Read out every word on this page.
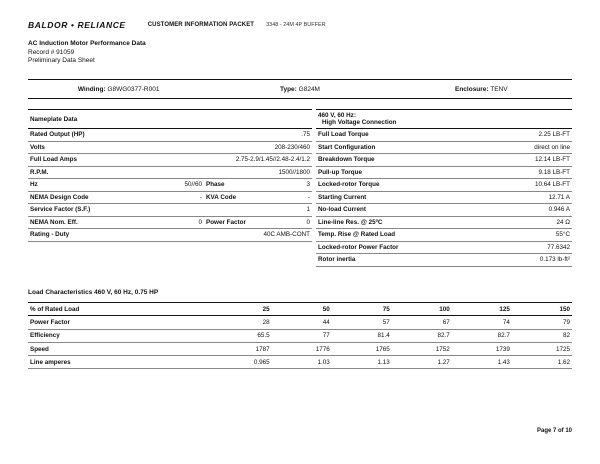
BALDOR • RELIANCE	CUSTOMER INFORMATION PACKET 3348 - 24M 4P BUFFER
AC Induction Motor Performance Data
Record # 91059
Preliminary Data Sheet
Winding: G8WG0377-R001	Type: G824M	Enclosure: TENV
Nameplate Data
Rated Output (HP)	.75
Volts	208-230/460
Full Load Amps	2.75-2.9/1.45//2.48-2.4/1.2
R.P.M.	1500//1800
Hz	50//60 Phase	3
NEMA Design Code	- KVA Code	-
Service Factor (S.F.)	1
NEMA Nom. Eff.	0 Power Factor	0
Rating - Duty	40C AMB-CONT
460 V, 60 Hz:
High Voltage Connection
Full Load Torque	2.25 LB-FT
Start Configuration	direct on line
Breakdown Torque	12.14 LB-FT
Pull-up Torque	9.18 LB-FT
Locked-rotor Torque	10.64 LB-FT
Starting Current	12.71 A
No-load Current	0.946 A
Line-line Res. @ 25ºC	24 Ω
Temp. Rise @ Rated Load	55°C
Locked-rotor Power Factor	77.6342
Rotor inertia	0.173 lb-ft²
Load Characteristics 460 V, 60 Hz, 0.75 HP
% of Rated Load	25	50	75	100	125	150
Power Factor	28	44	57	67	74	79
Efficiency	65.5	77	81.4	82.7	82.7	82
Speed	1787	1776	1765	1752	1739	1725
Line amperes	0.965	1.03	1.13	1.27	1.43	1.62
Page 7 of 10
